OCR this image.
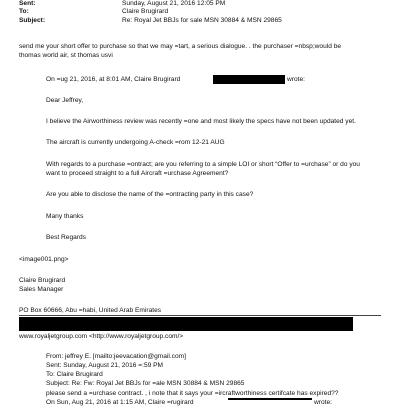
Sent:	Sunday, August 21, 2016 12:05 PM
To:	Claire Brugirard
Subject:	Re: Royal Jet BBJs for sale MSN 30884 & MSN 29865
send me your short offer to purchase so that we may =tart, a serious dialogue. . the purchaser =nbsp;would be
thomas world air, st thomas usvi
On =ug 21, 2016, at 8:01 AM, Claire Brugirard	wrote:
Dear Jeffrey,
I believe the Airworthiness review was recently =one and most likely the specs have not been updated yet.
The aircraft is currently undergoing A-check =rom 12-21 AUG
With regards to a purchase =ontract; are you referring to a simple LOI or short “Offer to =urchase” or do you
want to proceed straight to a full Aircraft =urchase Agreement?
Are you able to disclose the name of the =ontracting party in this case?
Many thanks
Best Regards
<image001.png>
Claire Brugirard
Sales Manager
PO Box 60666, Abu =habi, United Arab Emirates
www.royaljetgroup.com <http://www.royaljetgroup.com/>
From: jeffrey E. [mailto:jeevacation@gmail.com]
Sent: Sunday, August 21, 2016 =:59 PM
To: Claire Brugirard
Subject: Re: Fw: Royal Jet BBJs for =ale MSN 30884 & MSN 29865
please send a =urchase contract. , i note that it says your =ircraftworthiness certifcate has expired??
On Sun, Aug 21, 2016 at 1:15 AM, Claire =rugirard	wrote:
